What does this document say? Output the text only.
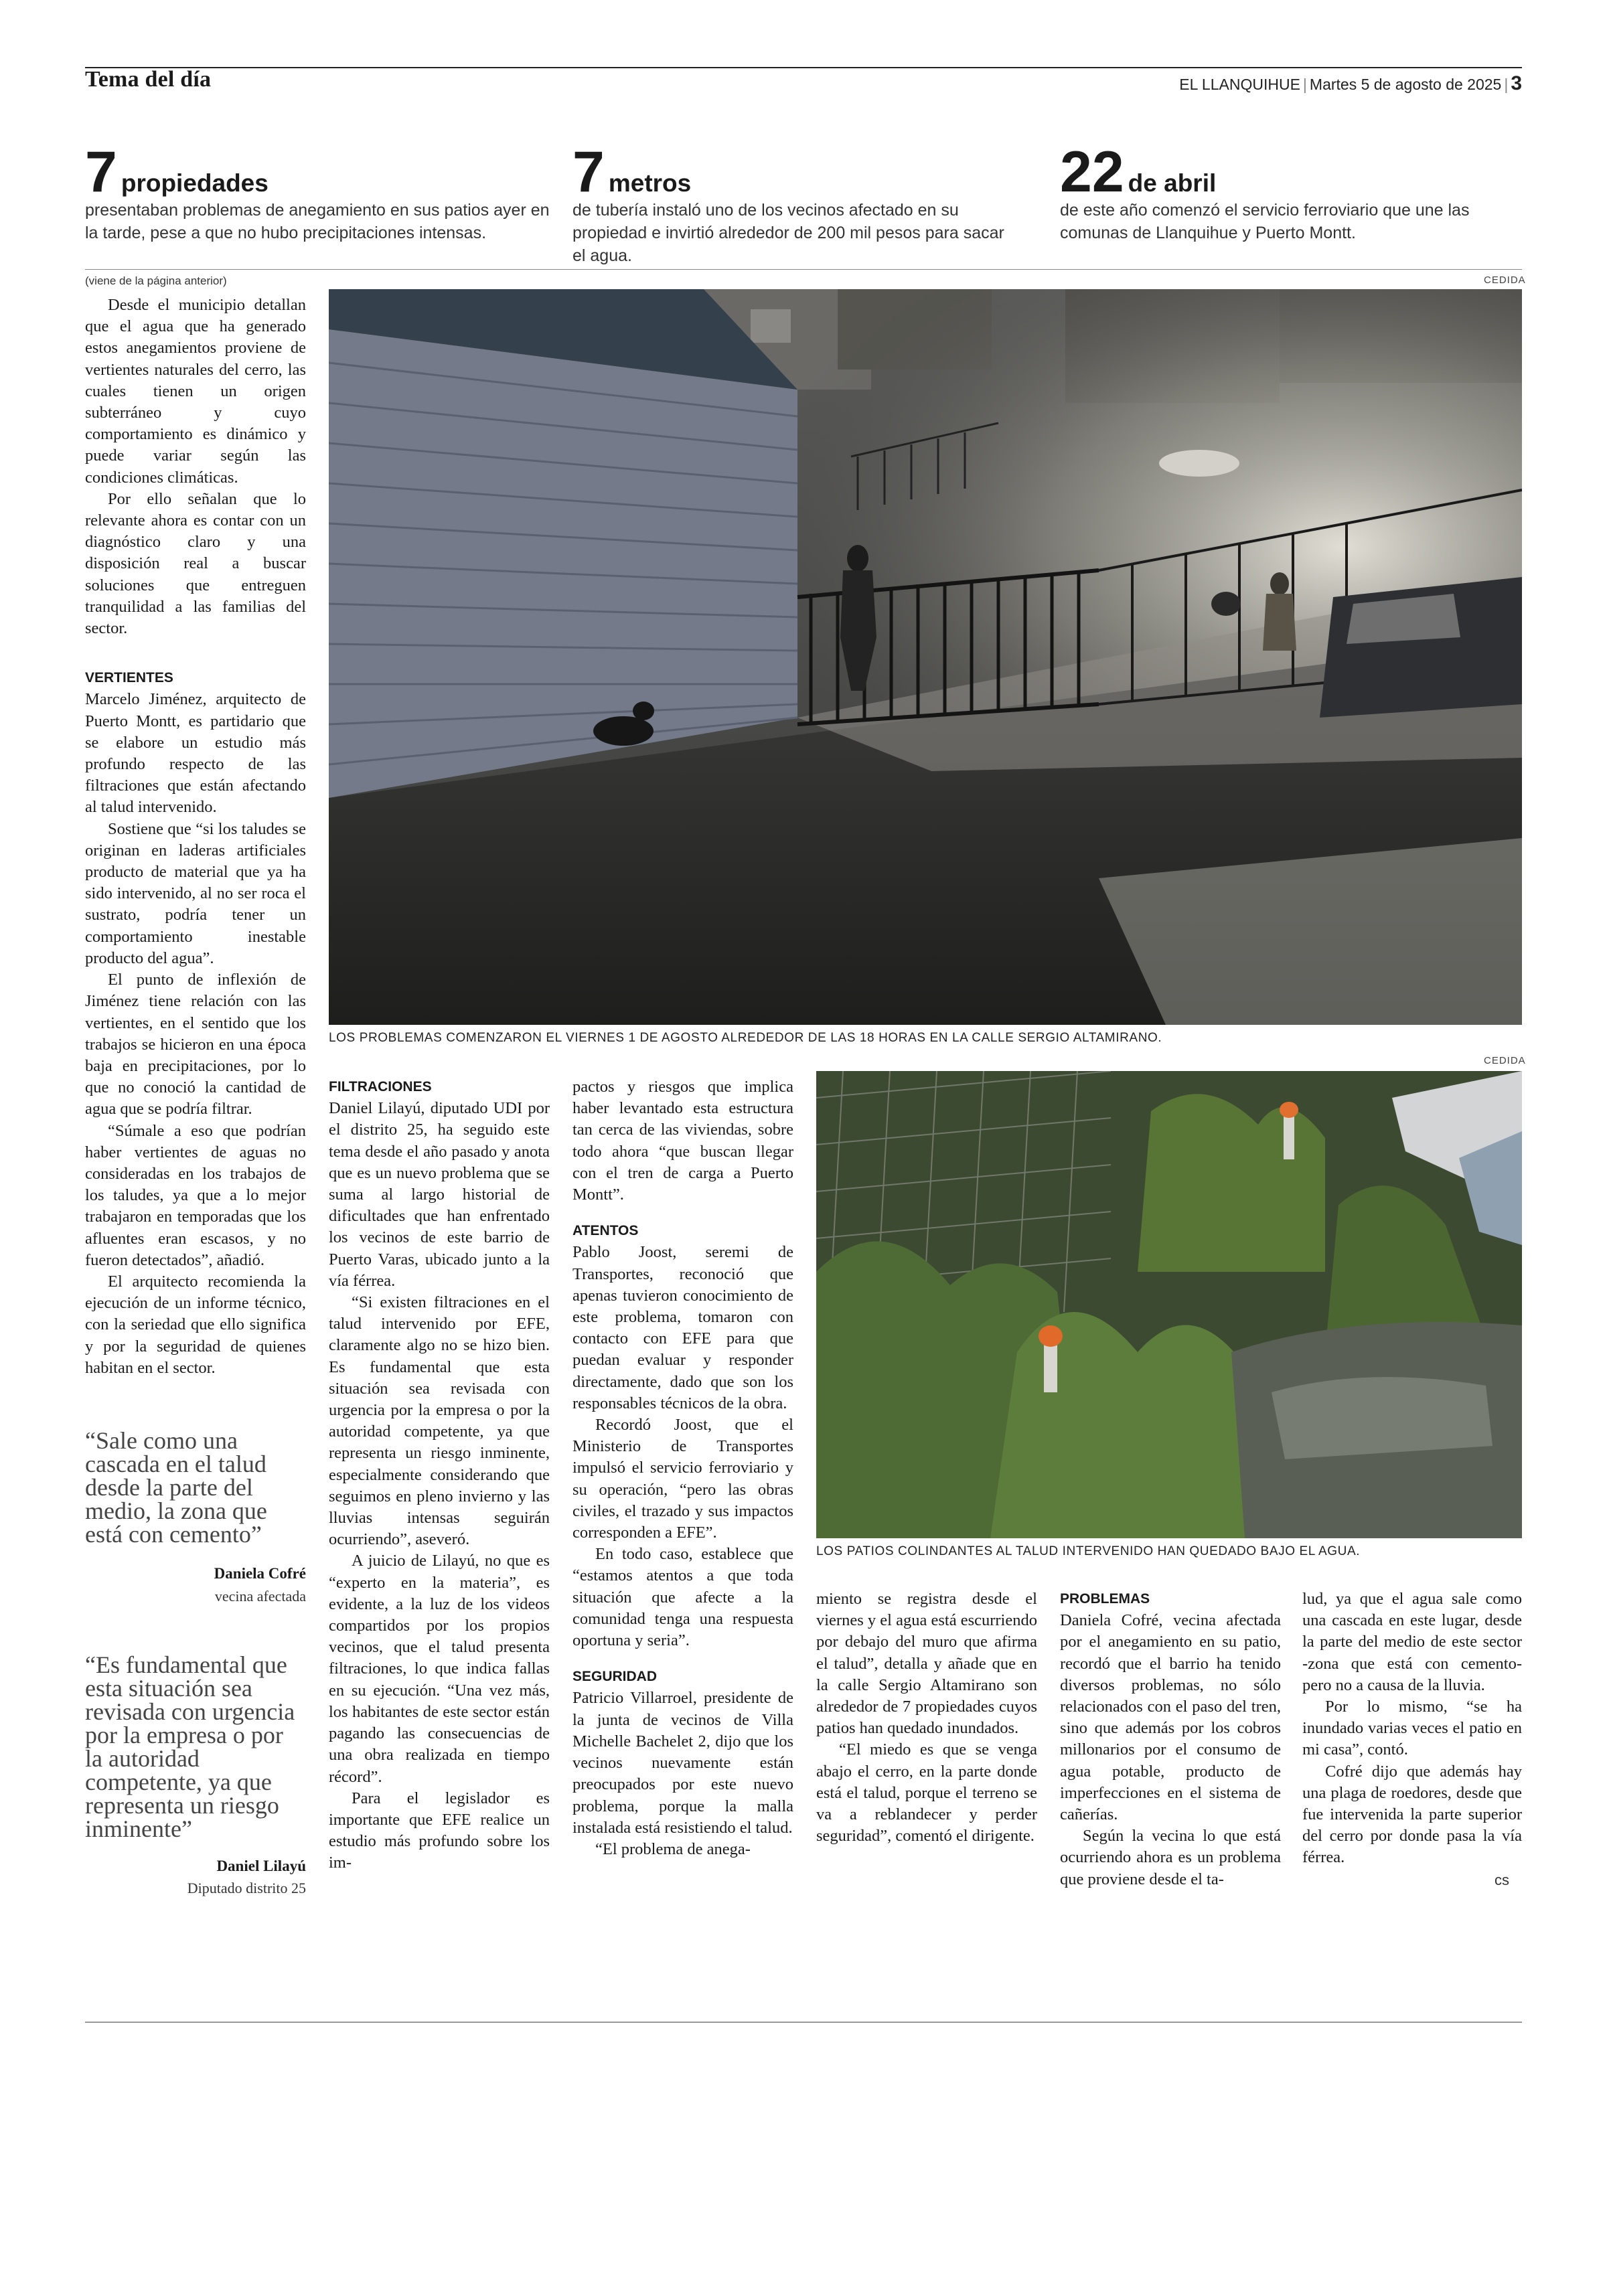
Tema del día	EL LLANQUIHUE | Martes 5 de agosto de 2025 | 3
7 propiedades
presentaban problemas de anegamiento en sus patios ayer en la tarde, pese a que no hubo precipitaciones intensas.
7 metros
de tubería instaló uno de los vecinos afectado en su propiedad e invirtió alrededor de 200 mil pesos para sacar el agua.
22 de abril
de este año comenzó el servicio ferroviario que une las comunas de Llanquihue y Puerto Montt.
(viene de la página anterior)

Desde el municipio detallan que el agua que ha generado estos anegamientos proviene de vertientes naturales del cerro, las cuales tienen un origen subterráneo y cuyo comportamiento es dinámico y puede variar según las condiciones climáticas.

Por ello señalan que lo relevante ahora es contar con un diagnóstico claro y una disposición real a buscar soluciones que entreguen tranquilidad a las familias del sector.

VERTIENTES

Marcelo Jiménez, arquitecto de Puerto Montt, es partidario que se elabore un estudio más profundo respecto de las filtraciones que están afectando al talud intervenido.

Sostiene que “si los taludes se originan en laderas artificiales producto de material que ya ha sido intervenido, al no ser roca el sustrato, podría tener un comportamiento inestable producto del agua”.

El punto de inflexión de Jiménez tiene relación con las vertientes, en el sentido que los trabajos se hicieron en una época baja en precipitaciones, por lo que no conoció la cantidad de agua que se podría filtrar.

“Súmale a eso que podrían haber vertientes de aguas no consideradas en los trabajos de los taludes, ya que a lo mejor trabajaron en temporadas que los afluentes eran escasos, y no fueron detectados”, añadió.

El arquitecto recomienda la ejecución de un informe técnico, con la seriedad que ello significa y por la seguridad de quienes habitan en el sector.

“Sale como una cascada en el talud desde la parte del medio, la zona que está con cemento”
Daniela Cofré
vecina afectada
“Es fundamental que esta situación sea revisada con urgencia por la empresa o por la autoridad competente, ya que representa un riesgo inminente”
Daniel Lilayú
Diputado distrito 25
CEDIDA
LOS PROBLEMAS COMENZARON EL VIERNES 1 DE AGOSTO ALREDEDOR DE LAS 18 HORAS EN LA CALLE SERGIO ALTAMIRANO.
FILTRACIONES

Daniel Lilayú, diputado UDI por el distrito 25, ha seguido este tema desde el año pasado y anota que es un nuevo problema que se suma al largo historial de dificultades que han enfrentado los vecinos de este barrio de Puerto Varas, ubicado junto a la vía férrea.

“Si existen filtraciones en el talud intervenido por EFE, claramente algo no se hizo bien. Es fundamental que esta situación sea revisada con urgencia por la empresa o por la autoridad competente, ya que representa un riesgo inminente, especialmente considerando que seguimos en pleno invierno y las lluvias intensas seguirán ocurriendo”, aseveró.

A juicio de Lilayú, no que es “experto en la materia”, es evidente, a la luz de los videos compartidos por los propios vecinos, que el talud presenta filtraciones, lo que indica fallas en su ejecución. “Una vez más, los habitantes de este sector están pagando las consecuencias de una obra realizada en tiempo récord”.

Para el legislador es importante que EFE realice un estudio más profundo sobre los im-

pactos y riesgos que implica haber levantado esta estructura tan cerca de las viviendas, sobre todo ahora “que buscan llegar con el tren de carga a Puerto Montt”.

ATENTOS

Pablo Joost, seremi de Transportes, reconoció que apenas tuvieron conocimiento de este problema, tomaron con contacto con EFE para que puedan evaluar y responder directamente, dado que son los responsables técnicos de la obra.

Recordó Joost, que el Ministerio de Transportes impulsó el servicio ferroviario y su operación, “pero las obras civiles, el trazado y sus impactos corresponden a EFE”.

En todo caso, establece que “estamos atentos a que toda situación que afecte a la comunidad tenga una respuesta oportuna y seria”.

SEGURIDAD

Patricio Villarroel, presidente de la junta de vecinos de Villa Michelle Bachelet 2, dijo que los vecinos nuevamente están preocupados por este nuevo problema, porque la malla instalada está resistiendo el talud.

“El problema de anega-

CEDIDA
LOS PATIOS COLINDANTES AL TALUD INTERVENIDO HAN QUEDADO BAJO EL AGUA.

miento se registra desde el viernes y el agua está escurriendo por debajo del muro que afirma el talud”, detalla y añade que en la calle Sergio Altamirano son alrededor de 7 propiedades cuyos patios han quedado inundados.

“El miedo es que se venga abajo el cerro, en la parte donde está el talud, porque el terreno se va a reblandecer y perder seguridad”, comentó el dirigente.

PROBLEMAS

Daniela Cofré, vecina afectada por el anegamiento en su patio, recordó que el barrio ha tenido diversos problemas, no sólo relacionados con el paso del tren, sino que además por los cobros millonarios por el consumo de agua potable, producto de imperfecciones en el sistema de cañerías.

Según la vecina lo que está ocurriendo ahora es un problema que proviene desde el ta-

lud, ya que el agua sale como una cascada en este lugar, desde la parte del medio de este sector -zona que está con cemento- pero no a causa de la lluvia.

Por lo mismo, “se ha inundado varias veces el patio en mi casa”, contó.

Cofré dijo que además hay una plaga de roedores, desde que fue intervenida la parte superior del cerro por donde pasa la vía férrea.

cs
